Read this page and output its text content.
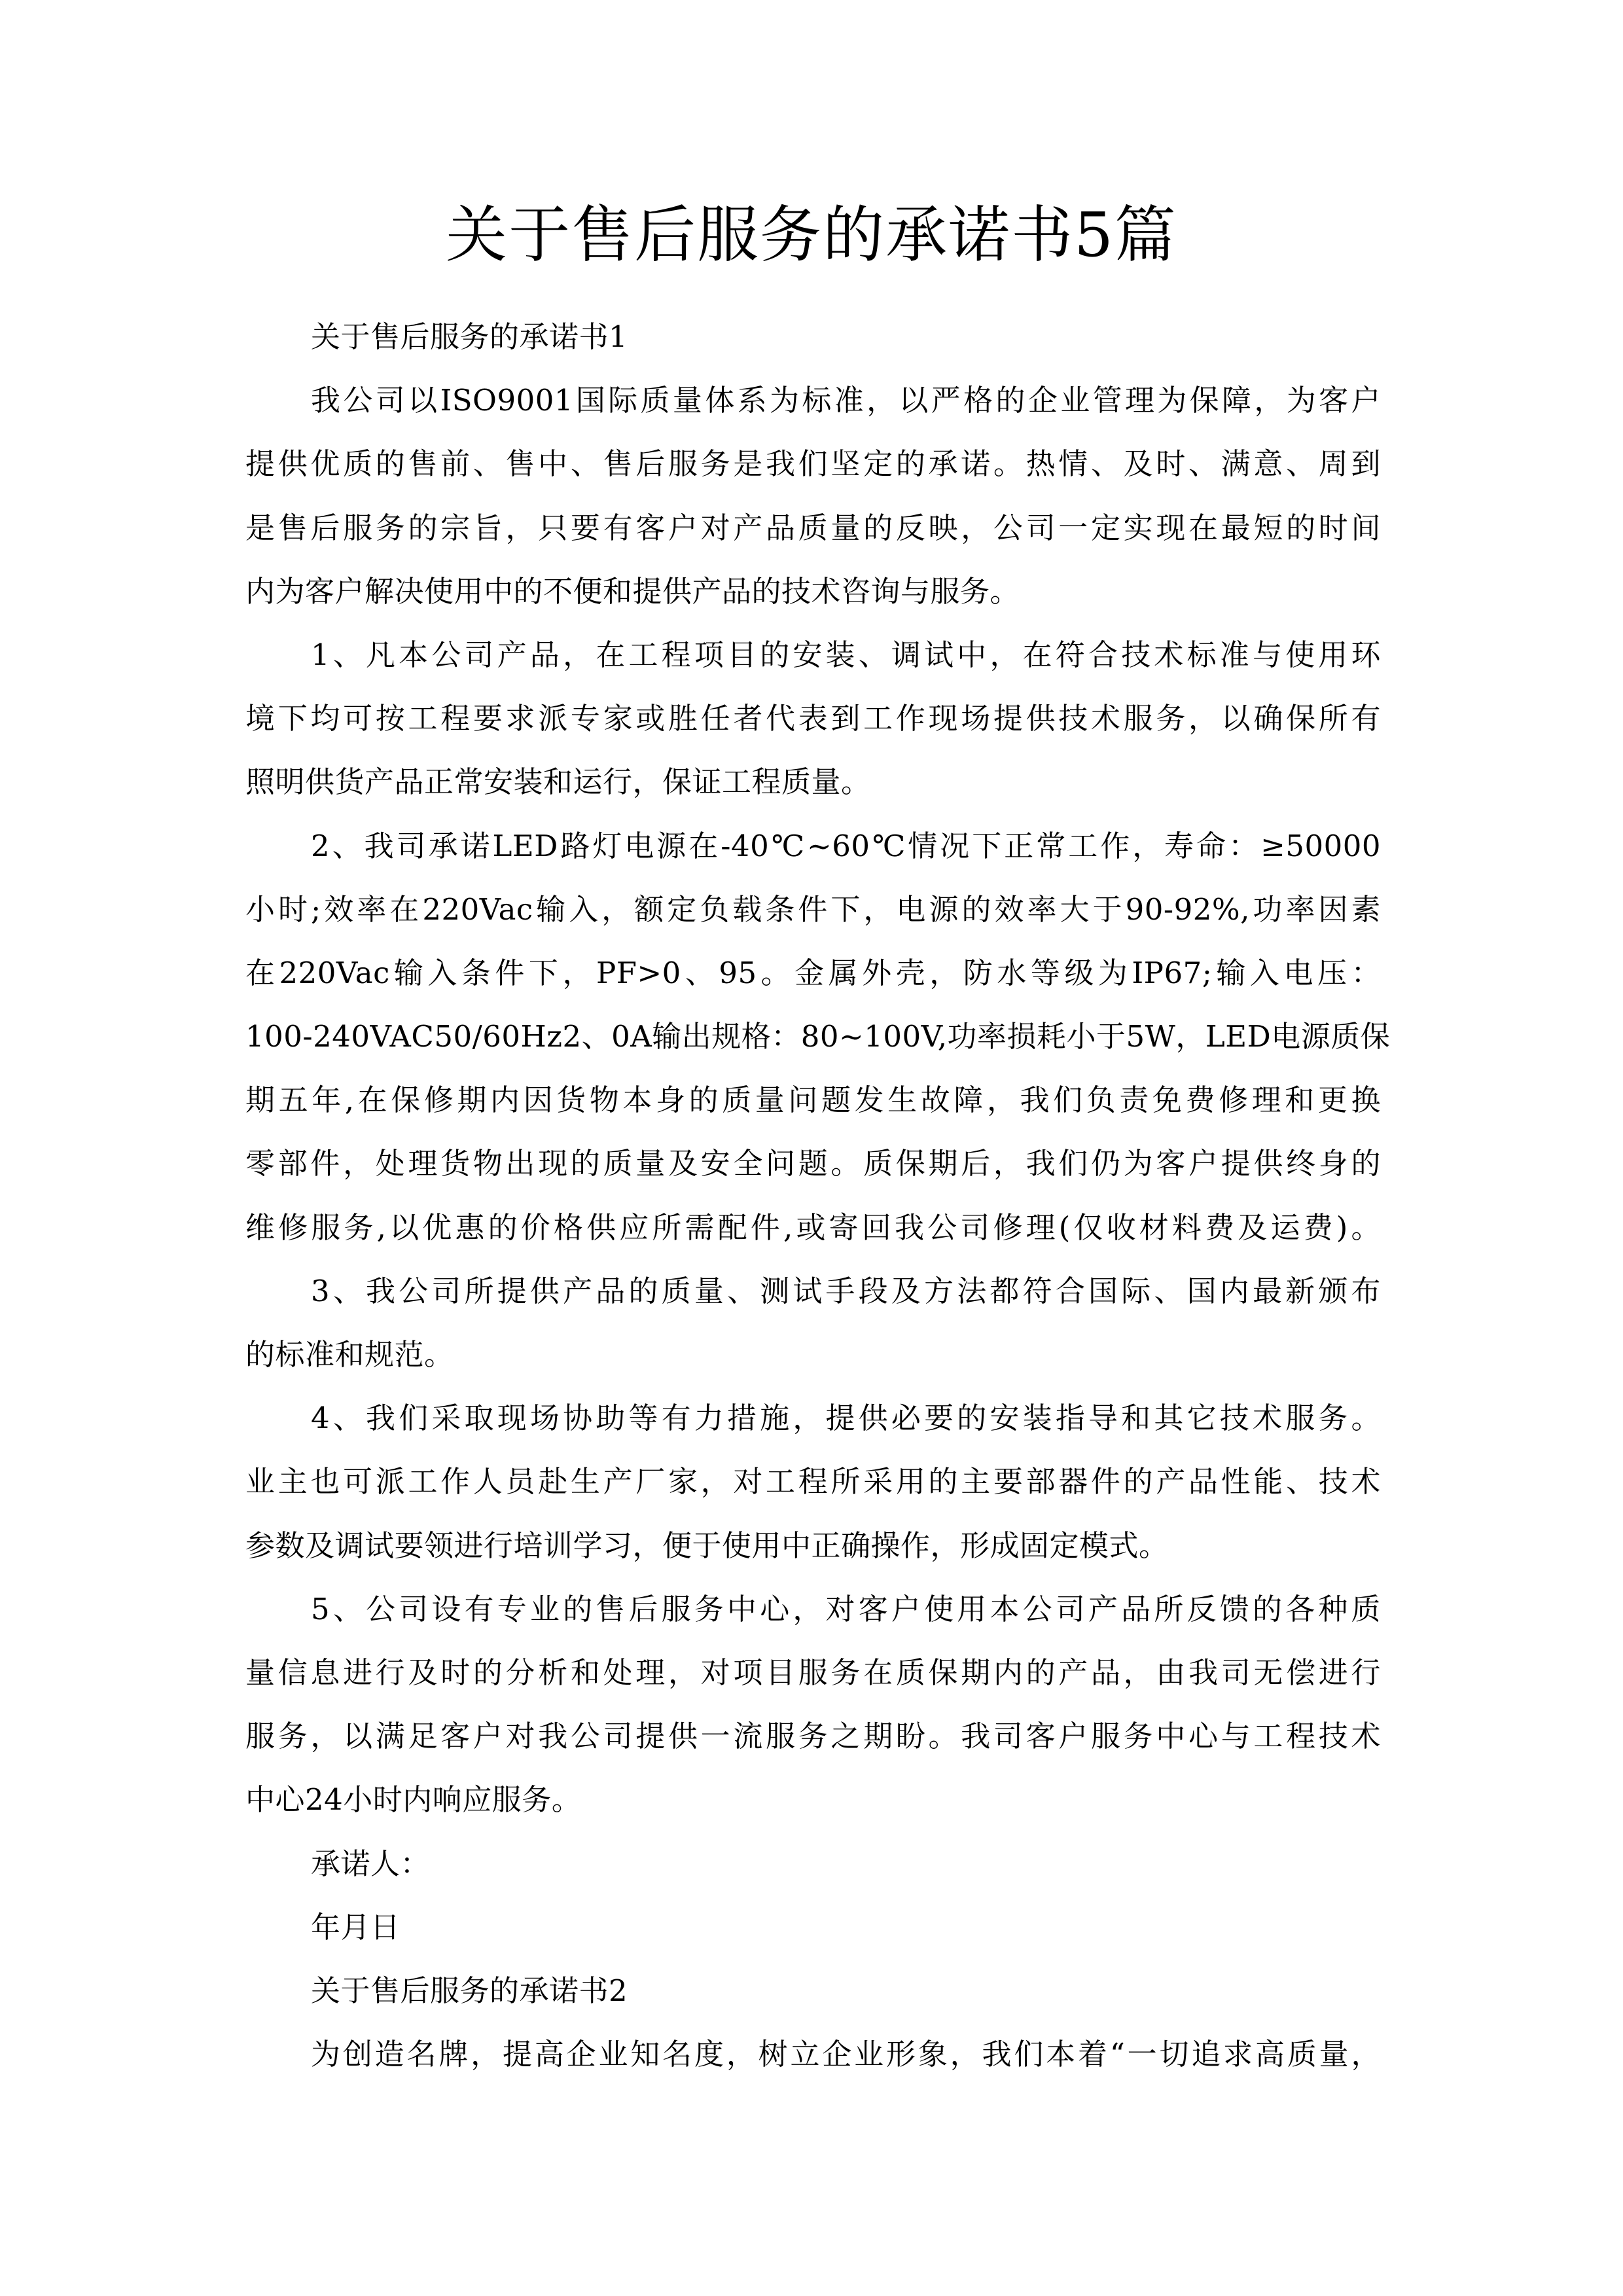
关于售后服务的承诺书5篇
关于售后服务的承诺书1
我公司以ISO9001国际质量体系为标准，以严格的企业管理为保障，为客户
提供优质的售前、售中、售后服务是我们坚定的承诺。热情、及时、满意、周到
是售后服务的宗旨，只要有客户对产品质量的反映，公司一定实现在最短的时间
内为客户解决使用中的不便和提供产品的技术咨询与服务。
1、凡本公司产品，在工程项目的安装、调试中，在符合技术标准与使用环
境下均可按工程要求派专家或胜任者代表到工作现场提供技术服务，以确保所有
照明供货产品正常安装和运行，保证工程质量。
2、我司承诺LED路灯电源在-40℃~60℃情况下正常工作，寿命：≥50000
小时;效率在220Vac输入，额定负载条件下，电源的效率大于90-92%,功率因素
在220Vac输入条件下，PF>0、95。金属外壳，防水等级为IP67;输入电压：
100-240VAC50/60Hz2、0A输出规格：80~100V,功率损耗小于5W，LED电源质保
期五年,在保修期内因货物本身的质量问题发生故障，我们负责免费修理和更换
零部件，处理货物出现的质量及安全问题。质保期后，我们仍为客户提供终身的
维修服务,以优惠的价格供应所需配件,或寄回我公司修理(仅收材料费及运费)。
3、我公司所提供产品的质量、测试手段及方法都符合国际、国内最新颁布
的标准和规范。
4、我们采取现场协助等有力措施，提供必要的安装指导和其它技术服务。
业主也可派工作人员赴生产厂家，对工程所采用的主要部器件的产品性能、技术
参数及调试要领进行培训学习，便于使用中正确操作，形成固定模式。
5、公司设有专业的售后服务中心，对客户使用本公司产品所反馈的各种质
量信息进行及时的分析和处理，对项目服务在质保期内的产品，由我司无偿进行
服务，以满足客户对我公司提供一流服务之期盼。我司客户服务中心与工程技术
中心24小时内响应服务。
承诺人：
年月日
关于售后服务的承诺书2
为创造名牌，提高企业知名度，树立企业形象，我们本着“一切追求高质量，
